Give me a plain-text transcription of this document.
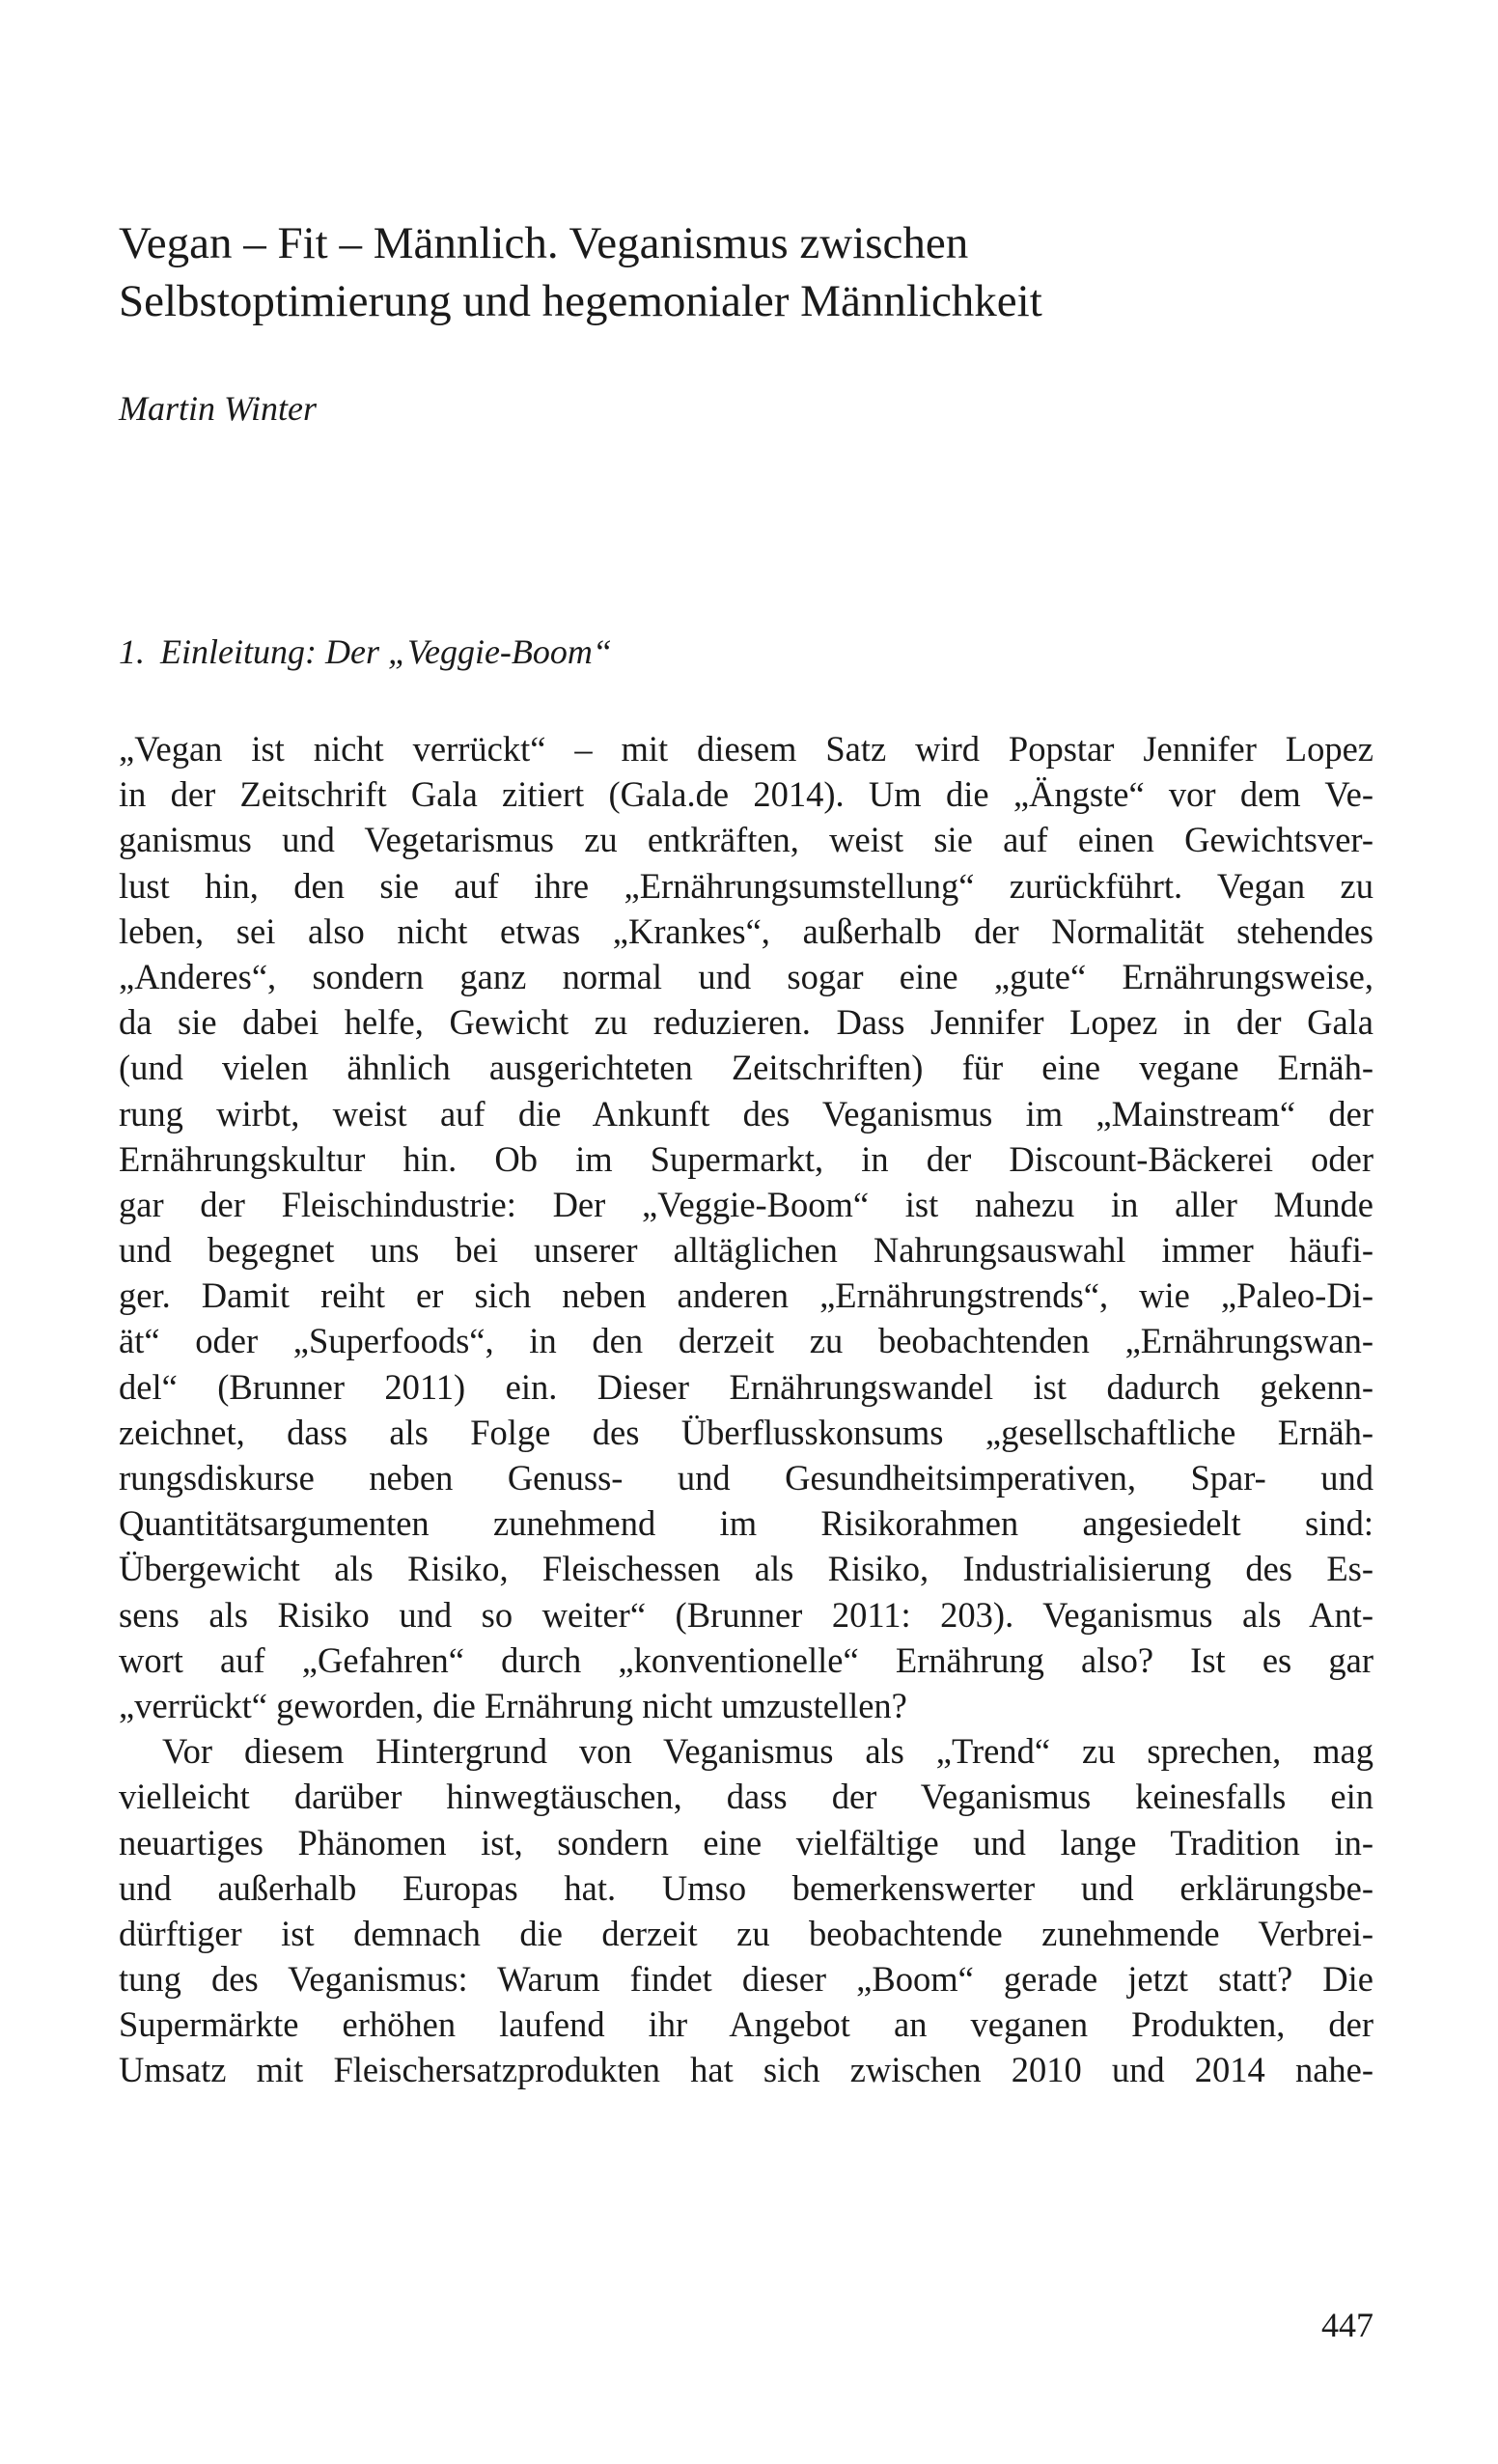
Vegan – Fit – Männlich. Veganismus zwischen
Selbstoptimierung und hegemonialer Männlichkeit

Martin Winter

1. Einleitung: Der „Veggie-Boom“
„Vegan ist nicht verrückt“ – mit diesem Satz wird Popstar Jennifer Lopez
in der Zeitschrift Gala zitiert (Gala.de 2014). Um die „Ängste“ vor dem Ve-
ganismus und Vegetarismus zu entkräften, weist sie auf einen Gewichtsver-
lust hin, den sie auf ihre „Ernährungsumstellung“ zurückführt. Vegan zu
leben, sei also nicht etwas „Krankes“, außerhalb der Normalität stehendes
„Anderes“, sondern ganz normal und sogar eine „gute“ Ernährungsweise,
da sie dabei helfe, Gewicht zu reduzieren. Dass Jennifer Lopez in der Gala
(und vielen ähnlich ausgerichteten Zeitschriften) für eine vegane Ernäh-
rung wirbt, weist auf die Ankunft des Veganismus im „Mainstream“ der
Ernährungskultur hin. Ob im Supermarkt, in der Discount-Bäckerei oder
gar der Fleischindustrie: Der „Veggie-Boom“ ist nahezu in aller Munde
und begegnet uns bei unserer alltäglichen Nahrungsauswahl immer häufi-
ger. Damit reiht er sich neben anderen „Ernährungstrends“, wie „Paleo-Di-
ät“ oder „Superfoods“, in den derzeit zu beobachtenden „Ernährungswan-
del“ (Brunner 2011) ein. Dieser Ernährungswandel ist dadurch gekenn-
zeichnet, dass als Folge des Überflusskonsums „gesellschaftliche Ernäh-
rungsdiskurse neben Genuss- und Gesundheitsimperativen, Spar- und
Quantitätsargumenten zunehmend im Risikorahmen angesiedelt sind:
Übergewicht als Risiko, Fleischessen als Risiko, Industrialisierung des Es-
sens als Risiko und so weiter“ (Brunner 2011: 203). Veganismus als Ant-
wort auf „Gefahren“ durch „konventionelle“ Ernährung also? Ist es gar
„verrückt“ geworden, die Ernährung nicht umzustellen?
Vor diesem Hintergrund von Veganismus als „Trend“ zu sprechen, mag
vielleicht darüber hinwegtäuschen, dass der Veganismus keinesfalls ein
neuartiges Phänomen ist, sondern eine vielfältige und lange Tradition in-
und außerhalb Europas hat. Umso bemerkenswerter und erklärungsbe-
dürftiger ist demnach die derzeit zu beobachtende zunehmende Verbrei-
tung des Veganismus: Warum findet dieser „Boom“ gerade jetzt statt? Die
Supermärkte erhöhen laufend ihr Angebot an veganen Produkten, der
Umsatz mit Fleischersatzprodukten hat sich zwischen 2010 und 2014 nahe-
447
